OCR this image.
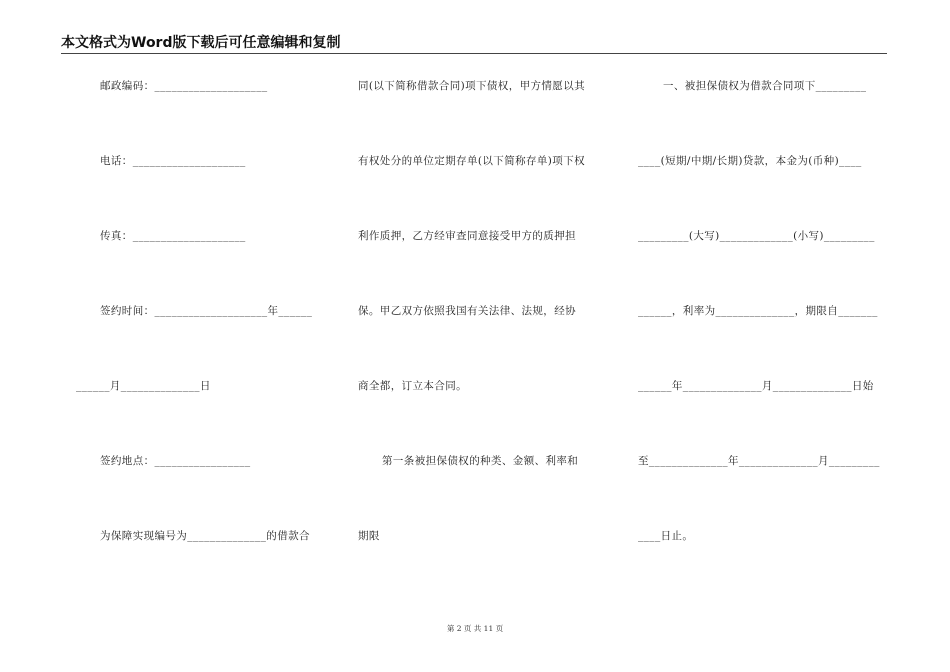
本文格式为Word版下载后可任意编辑和复制
邮政编码：____________________
电话：____________________
传真：____________________
签约时间：____________________年______
______月______________日
签约地点：_________________
为保障实现编号为______________的借款合
同(以下简称借款合同)项下债权，甲方情愿以其
有权处分的单位定期存单(以下简称存单)项下权
利作质押，乙方经审查同意接受甲方的质押担
保。甲乙双方依照我国有关法律、法规，经协
商全都，订立本合同。
第一条被担保债权的种类、金额、利率和
期限
一、被担保债权为借款合同项下_________
____(短期/中期/长期)贷款，本金为(币种)____
_________(大写)_____________(小写)_________
______，利率为______________，期限自_______
______年______________月______________日始
至______________年______________月_________
____日止。
第 2 页 共 11 页
